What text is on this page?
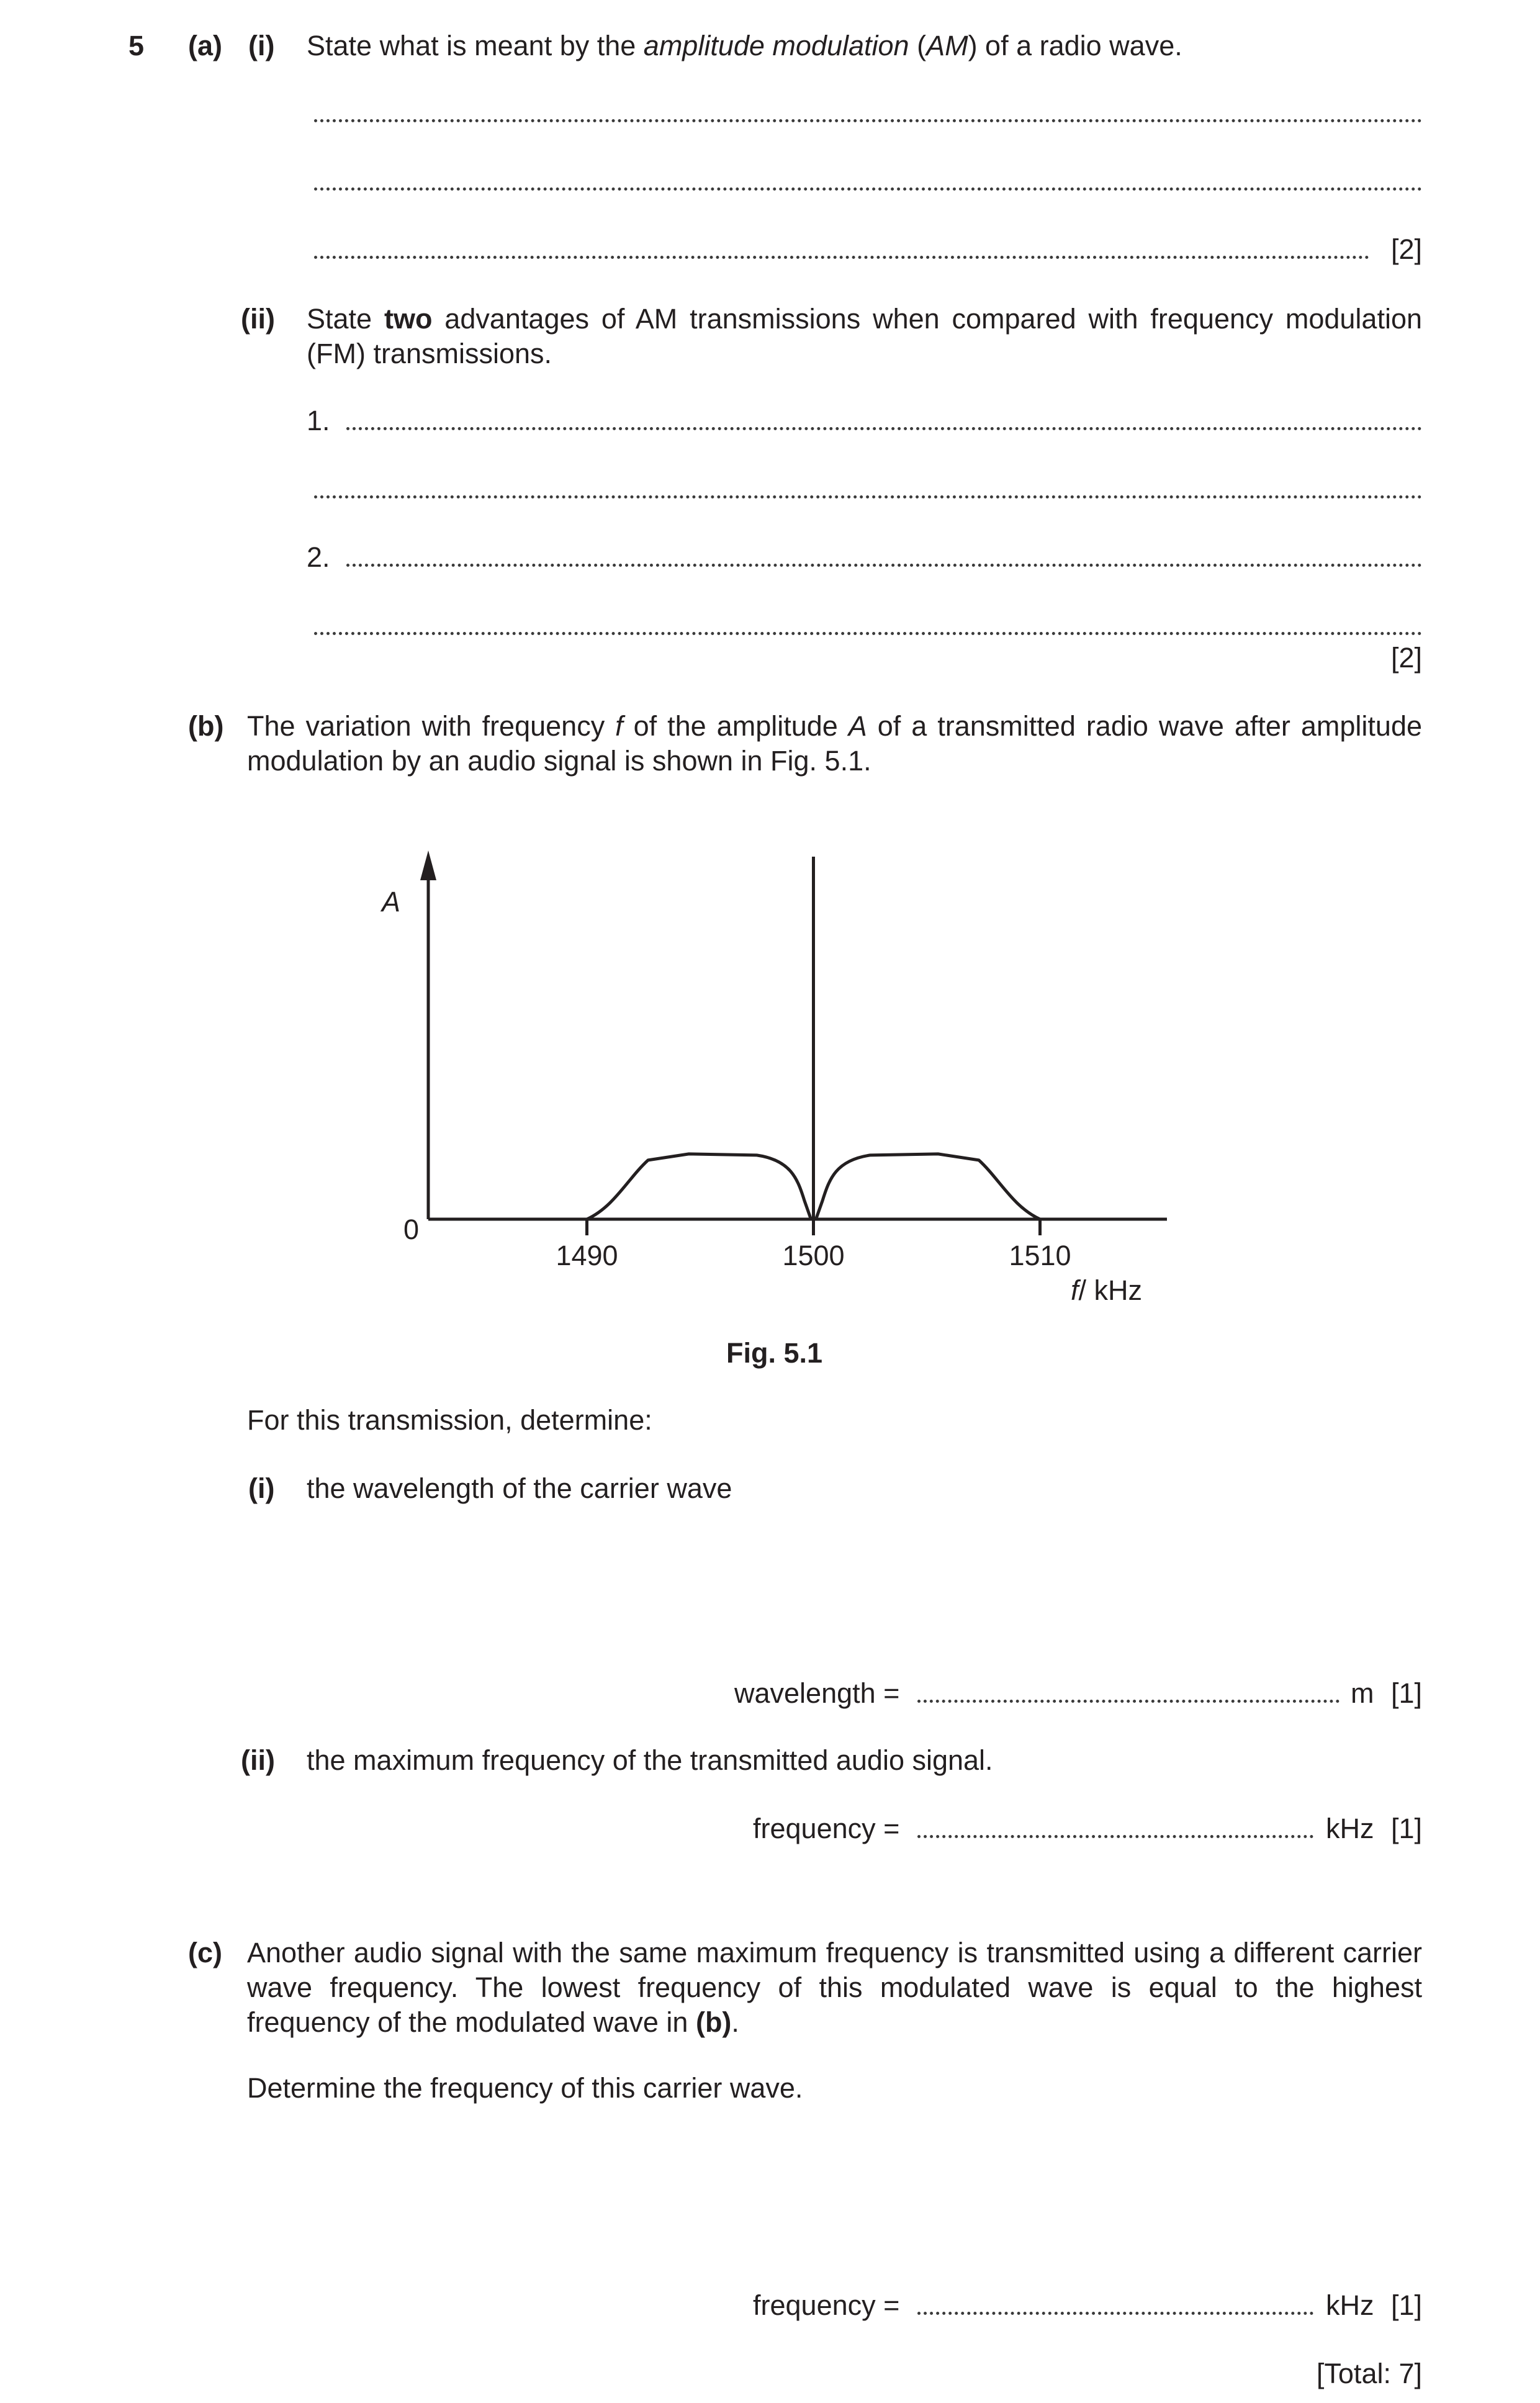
5 (a) (i) State what is meant by the amplitude modulation (AM) of a radio wave.
[2]
(ii) State two advantages of AM transmissions when compared with frequency modulation (FM) transmissions.
1.
2.
[2]
(b) The variation with frequency f of the amplitude A of a transmitted radio wave after amplitude modulation by an audio signal is shown in Fig. 5.1.
A
0
1490	1500	1510
f/ kHz
Fig. 5.1
For this transmission, determine:
(i) the wavelength of the carrier wave
wavelength =	m [1]
(ii) the maximum frequency of the transmitted audio signal.
frequency =	kHz [1]
(c) Another audio signal with the same maximum frequency is transmitted using a different carrier wave frequency. The lowest frequency of this modulated wave is equal to the highest frequency of the modulated wave in (b).
Determine the frequency of this carrier wave.
frequency =	kHz [1]
[Total: 7]
